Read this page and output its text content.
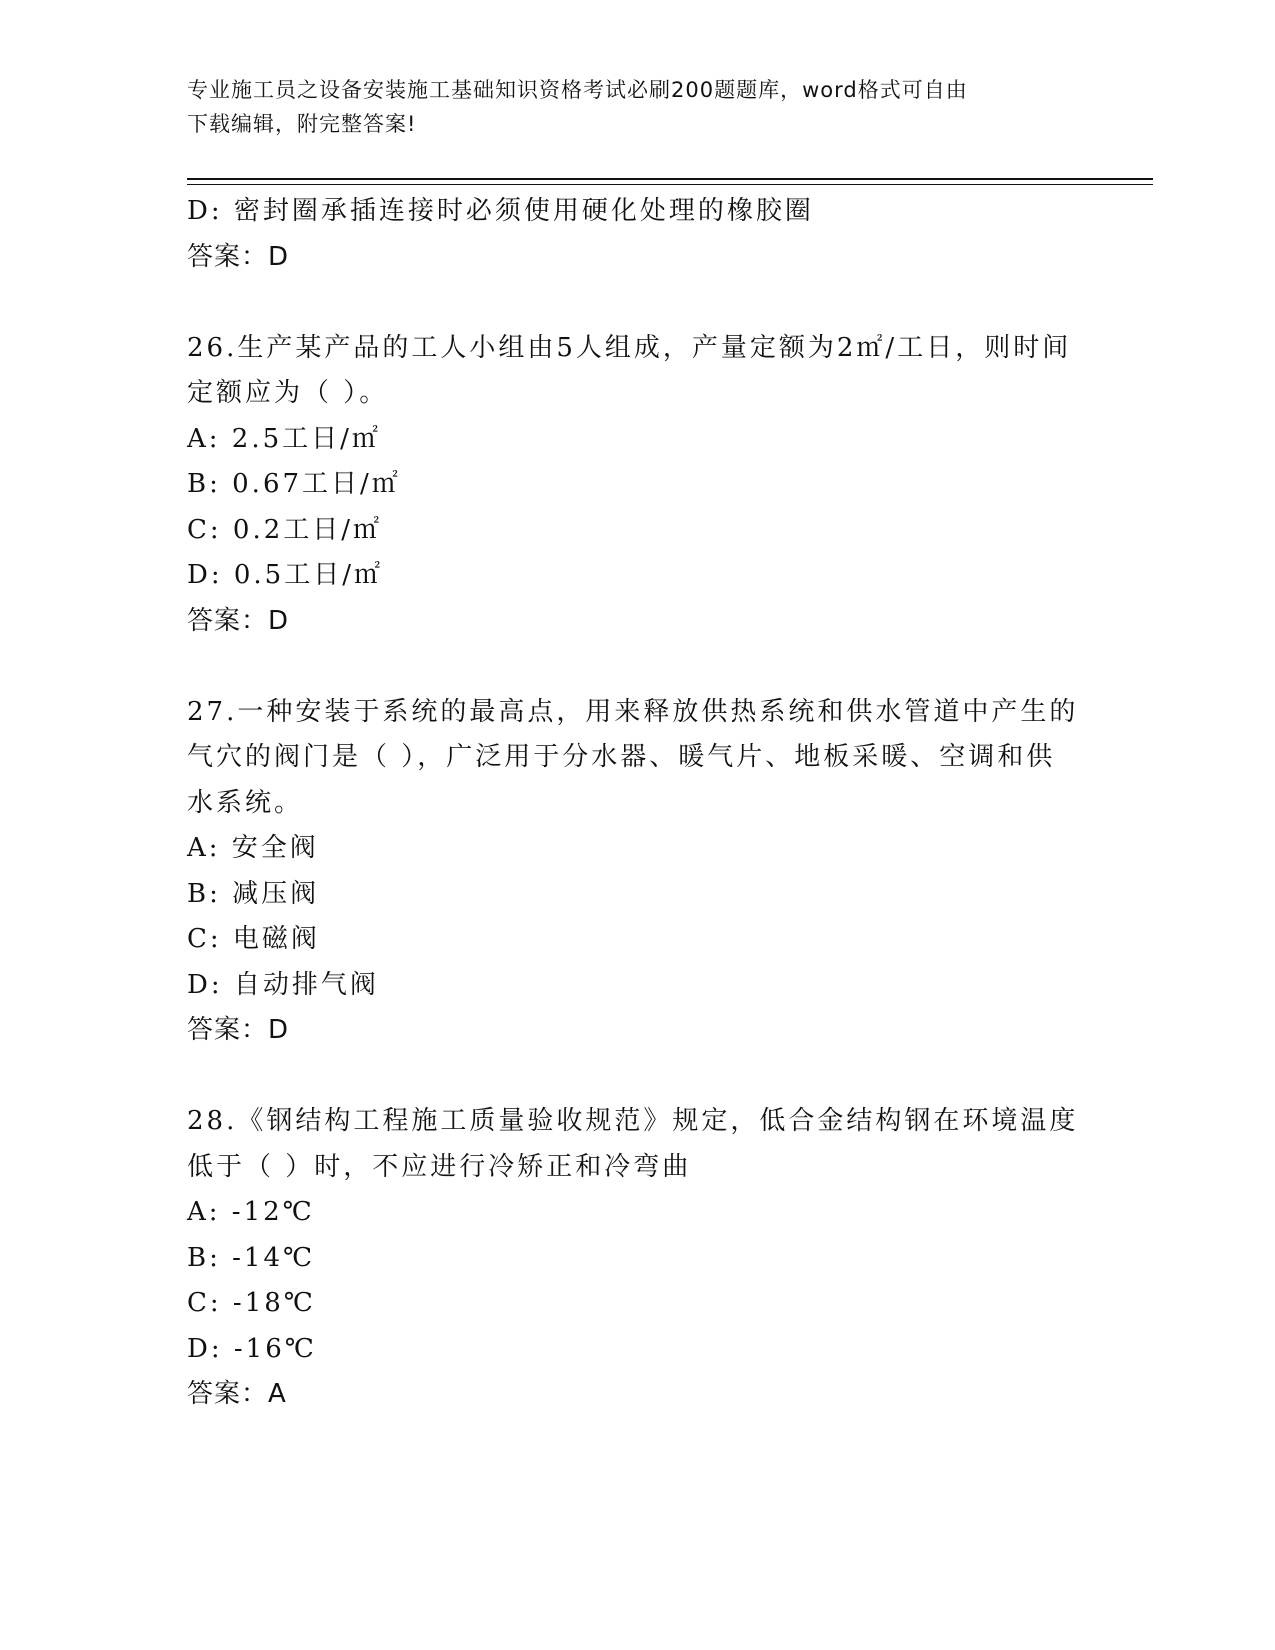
专业施工员之设备安装施工基础知识资格考试必刷200题题库，word格式可自由
下载编辑，附完整答案!
D: 密封圈承插连接时必须使用硬化处理的橡胶圈
答案：D
26.生产某产品的工人小组由5人组成，产量定额为2㎡/工日，则时间
定额应为（ ）。
A: 2.5工日/㎡
B: 0.67工日/㎡
C: 0.2工日/㎡
D: 0.5工日/㎡
答案：D
27.一种安装于系统的最高点，用来释放供热系统和供水管道中产生的
气穴的阀门是（ ），广泛用于分水器、暖气片、地板采暖、空调和供
水系统。
A: 安全阀
B: 减压阀
C: 电磁阀
D: 自动排气阀
答案：D
28.《钢结构工程施工质量验收规范》规定，低合金结构钢在环境温度
低于（ ）时，不应进行冷矫正和冷弯曲
A: -12℃
B: -14℃
C: -18℃
D: -16℃
答案：A
